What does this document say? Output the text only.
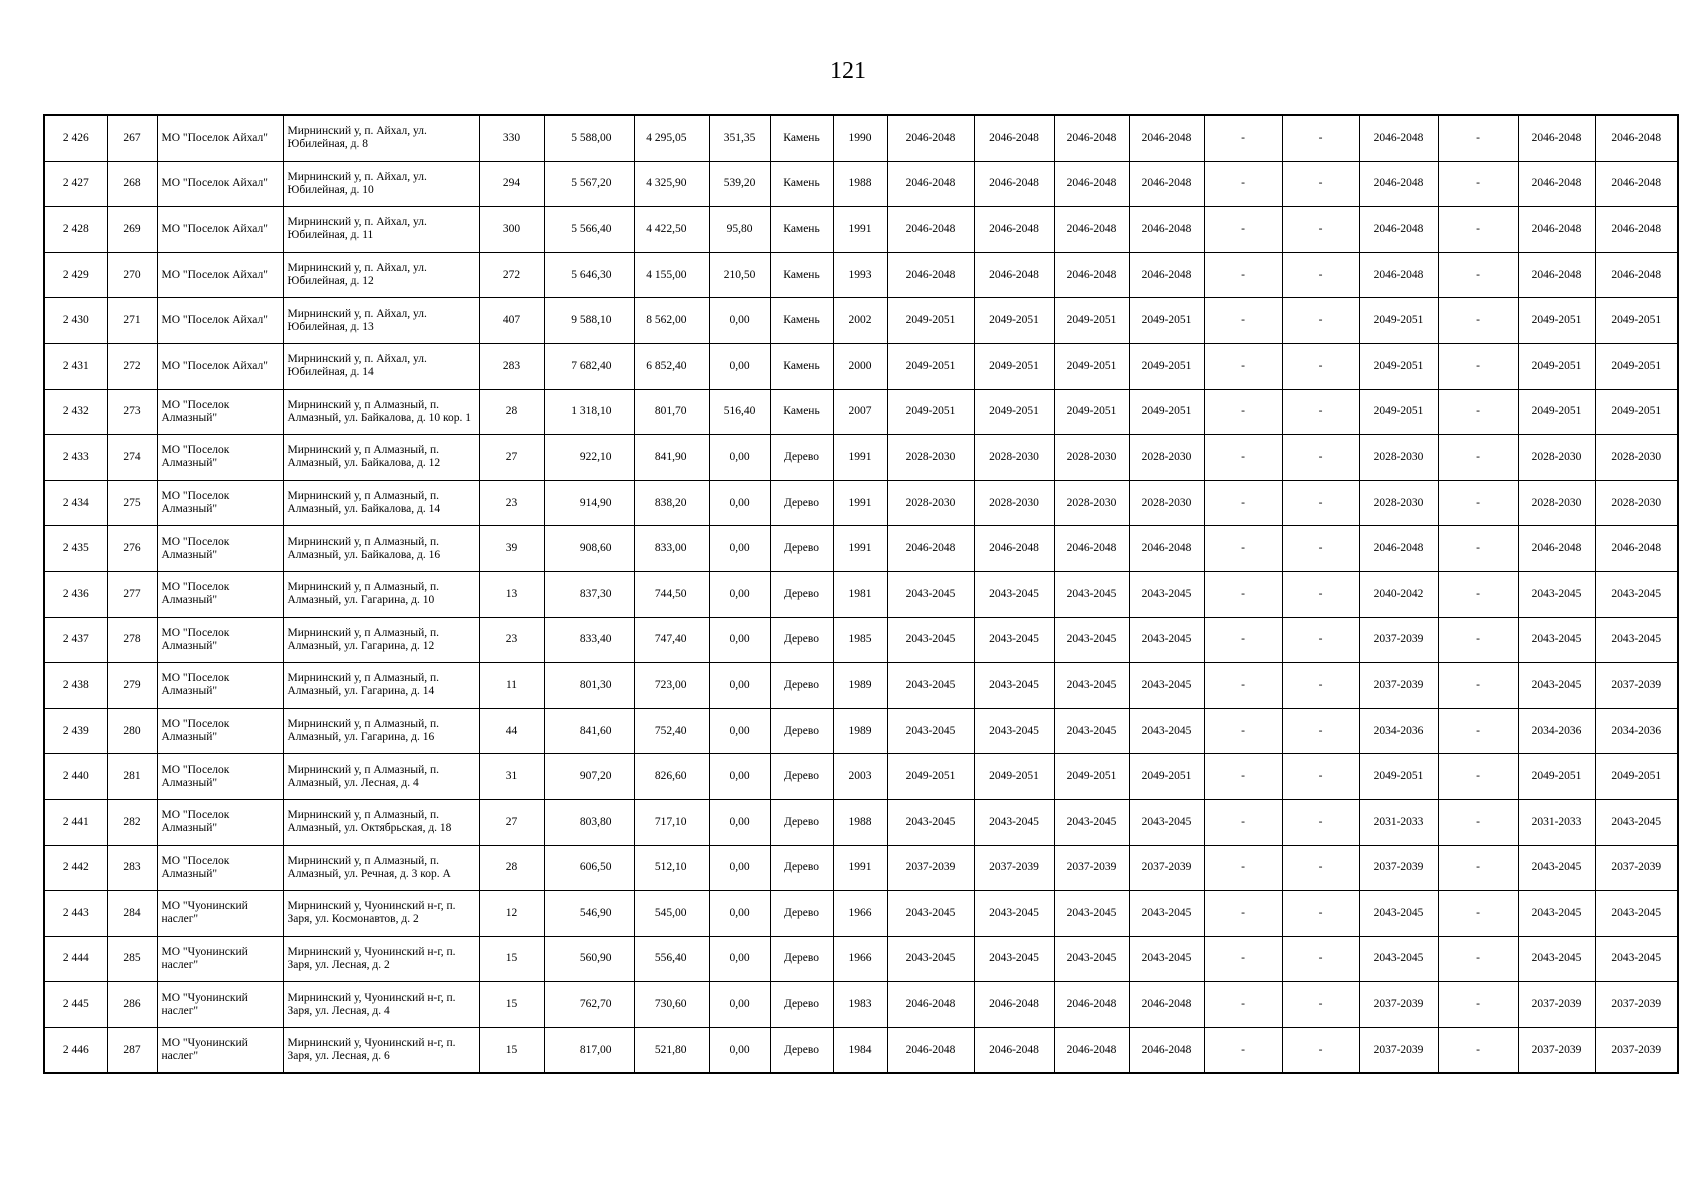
121
2 426	267	МО "Поселок Айхал"	Мирнинский у, п. Айхал, ул. Юбилейная, д. 8	330	5 588,00	4 295,05	351,35	Камень	1990	2046-2048	2046-2048	2046-2048	2046-2048	-	-	2046-2048	-	2046-2048	2046-2048
2 427	268	МО "Поселок Айхал"	Мирнинский у, п. Айхал, ул. Юбилейная, д. 10	294	5 567,20	4 325,90	539,20	Камень	1988	2046-2048	2046-2048	2046-2048	2046-2048	-	-	2046-2048	-	2046-2048	2046-2048
2 428	269	МО "Поселок Айхал"	Мирнинский у, п. Айхал, ул. Юбилейная, д. 11	300	5 566,40	4 422,50	95,80	Камень	1991	2046-2048	2046-2048	2046-2048	2046-2048	-	-	2046-2048	-	2046-2048	2046-2048
2 429	270	МО "Поселок Айхал"	Мирнинский у, п. Айхал, ул. Юбилейная, д. 12	272	5 646,30	4 155,00	210,50	Камень	1993	2046-2048	2046-2048	2046-2048	2046-2048	-	-	2046-2048	-	2046-2048	2046-2048
2 430	271	МО "Поселок Айхал"	Мирнинский у, п. Айхал, ул. Юбилейная, д. 13	407	9 588,10	8 562,00	0,00	Камень	2002	2049-2051	2049-2051	2049-2051	2049-2051	-	-	2049-2051	-	2049-2051	2049-2051
2 431	272	МО "Поселок Айхал"	Мирнинский у, п. Айхал, ул. Юбилейная, д. 14	283	7 682,40	6 852,40	0,00	Камень	2000	2049-2051	2049-2051	2049-2051	2049-2051	-	-	2049-2051	-	2049-2051	2049-2051
2 432	273	МО "Поселок Алмазный"	Мирнинский у, п Алмазный, п. Алмазный, ул. Байкалова, д. 10 кор. 1	28	1 318,10	801,70	516,40	Камень	2007	2049-2051	2049-2051	2049-2051	2049-2051	-	-	2049-2051	-	2049-2051	2049-2051
2 433	274	МО "Поселок Алмазный"	Мирнинский у, п Алмазный, п. Алмазный, ул. Байкалова, д. 12	27	922,10	841,90	0,00	Дерево	1991	2028-2030	2028-2030	2028-2030	2028-2030	-	-	2028-2030	-	2028-2030	2028-2030
2 434	275	МО "Поселок Алмазный"	Мирнинский у, п Алмазный, п. Алмазный, ул. Байкалова, д. 14	23	914,90	838,20	0,00	Дерево	1991	2028-2030	2028-2030	2028-2030	2028-2030	-	-	2028-2030	-	2028-2030	2028-2030
2 435	276	МО "Поселок Алмазный"	Мирнинский у, п Алмазный, п. Алмазный, ул. Байкалова, д. 16	39	908,60	833,00	0,00	Дерево	1991	2046-2048	2046-2048	2046-2048	2046-2048	-	-	2046-2048	-	2046-2048	2046-2048
2 436	277	МО "Поселок Алмазный"	Мирнинский у, п Алмазный, п. Алмазный, ул. Гагарина, д. 10	13	837,30	744,50	0,00	Дерево	1981	2043-2045	2043-2045	2043-2045	2043-2045	-	-	2040-2042	-	2043-2045	2043-2045
2 437	278	МО "Поселок Алмазный"	Мирнинский у, п Алмазный, п. Алмазный, ул. Гагарина, д. 12	23	833,40	747,40	0,00	Дерево	1985	2043-2045	2043-2045	2043-2045	2043-2045	-	-	2037-2039	-	2043-2045	2043-2045
2 438	279	МО "Поселок Алмазный"	Мирнинский у, п Алмазный, п. Алмазный, ул. Гагарина, д. 14	11	801,30	723,00	0,00	Дерево	1989	2043-2045	2043-2045	2043-2045	2043-2045	-	-	2037-2039	-	2043-2045	2037-2039
2 439	280	МО "Поселок Алмазный"	Мирнинский у, п Алмазный, п. Алмазный, ул. Гагарина, д. 16	44	841,60	752,40	0,00	Дерево	1989	2043-2045	2043-2045	2043-2045	2043-2045	-	-	2034-2036	-	2034-2036	2034-2036
2 440	281	МО "Поселок Алмазный"	Мирнинский у, п Алмазный, п. Алмазный, ул. Лесная, д. 4	31	907,20	826,60	0,00	Дерево	2003	2049-2051	2049-2051	2049-2051	2049-2051	-	-	2049-2051	-	2049-2051	2049-2051
2 441	282	МО "Поселок Алмазный"	Мирнинский у, п Алмазный, п. Алмазный, ул. Октябрьская, д. 18	27	803,80	717,10	0,00	Дерево	1988	2043-2045	2043-2045	2043-2045	2043-2045	-	-	2031-2033	-	2031-2033	2043-2045
2 442	283	МО "Поселок Алмазный"	Мирнинский у, п Алмазный, п. Алмазный, ул. Речная, д. 3 кор. А	28	606,50	512,10	0,00	Дерево	1991	2037-2039	2037-2039	2037-2039	2037-2039	-	-	2037-2039	-	2043-2045	2037-2039
2 443	284	МО "Чуонинский наслег"	Мирнинский у, Чуонинский н-г, п. Заря, ул. Космонавтов, д. 2	12	546,90	545,00	0,00	Дерево	1966	2043-2045	2043-2045	2043-2045	2043-2045	-	-	2043-2045	-	2043-2045	2043-2045
2 444	285	МО "Чуонинский наслег"	Мирнинский у, Чуонинский н-г, п. Заря, ул. Лесная, д. 2	15	560,90	556,40	0,00	Дерево	1966	2043-2045	2043-2045	2043-2045	2043-2045	-	-	2043-2045	-	2043-2045	2043-2045
2 445	286	МО "Чуонинский наслег"	Мирнинский у, Чуонинский н-г, п. Заря, ул. Лесная, д. 4	15	762,70	730,60	0,00	Дерево	1983	2046-2048	2046-2048	2046-2048	2046-2048	-	-	2037-2039	-	2037-2039	2037-2039
2 446	287	МО "Чуонинский наслег"	Мирнинский у, Чуонинский н-г, п. Заря, ул. Лесная, д. 6	15	817,00	521,80	0,00	Дерево	1984	2046-2048	2046-2048	2046-2048	2046-2048	-	-	2037-2039	-	2037-2039	2037-2039
